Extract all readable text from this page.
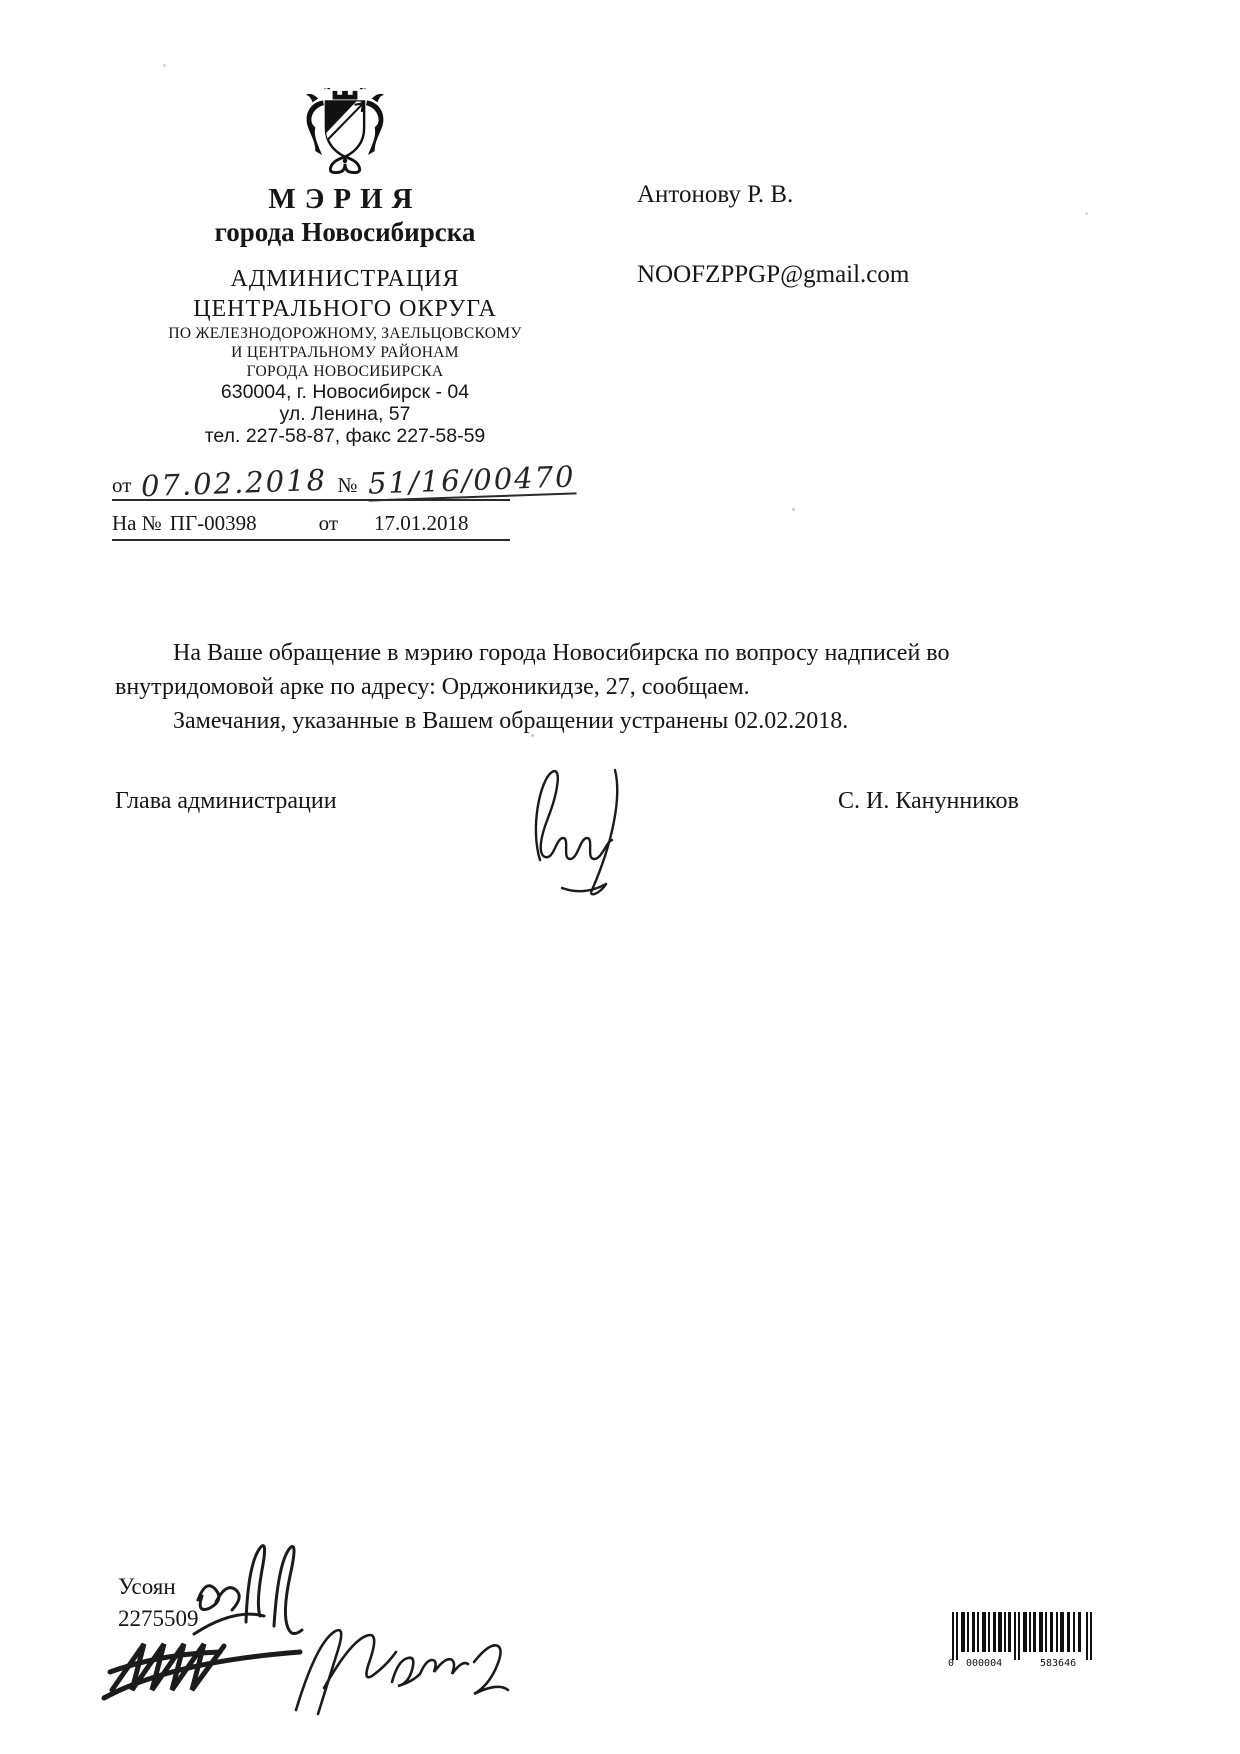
МЭРИЯ
города Новосибирска
АДМИНИСТРАЦИЯ
ЦЕНТРАЛЬНОГО ОКРУГА
ПО ЖЕЛЕЗНОДОРОЖНОМУ, ЗАЕЛЬЦОВСКОМУ
И ЦЕНТРАЛЬНОМУ РАЙОНАМ
ГОРОДА НОВОСИБИРСКА
630004, г. Новосибирск - 04
ул. Ленина, 57
тел. 227-58-87, факс 227-58-59
от 07.02.2018 № 51/16/00470
На № ПГ-00398	от 17.01.2018
Антонову Р. В.
NOOFZPPGP@gmail.com

На Ваше обращение в мэрию города Новосибирска по вопросу надписей во внутридомовой арке по адресу: Орджоникидзе, 27, сообщаем.

Замечания, указанные в Вашем обращении устранены 02.02.2018.

Глава администрации	С. И. Канунников
Усоян
2275509
0 000004	583646
